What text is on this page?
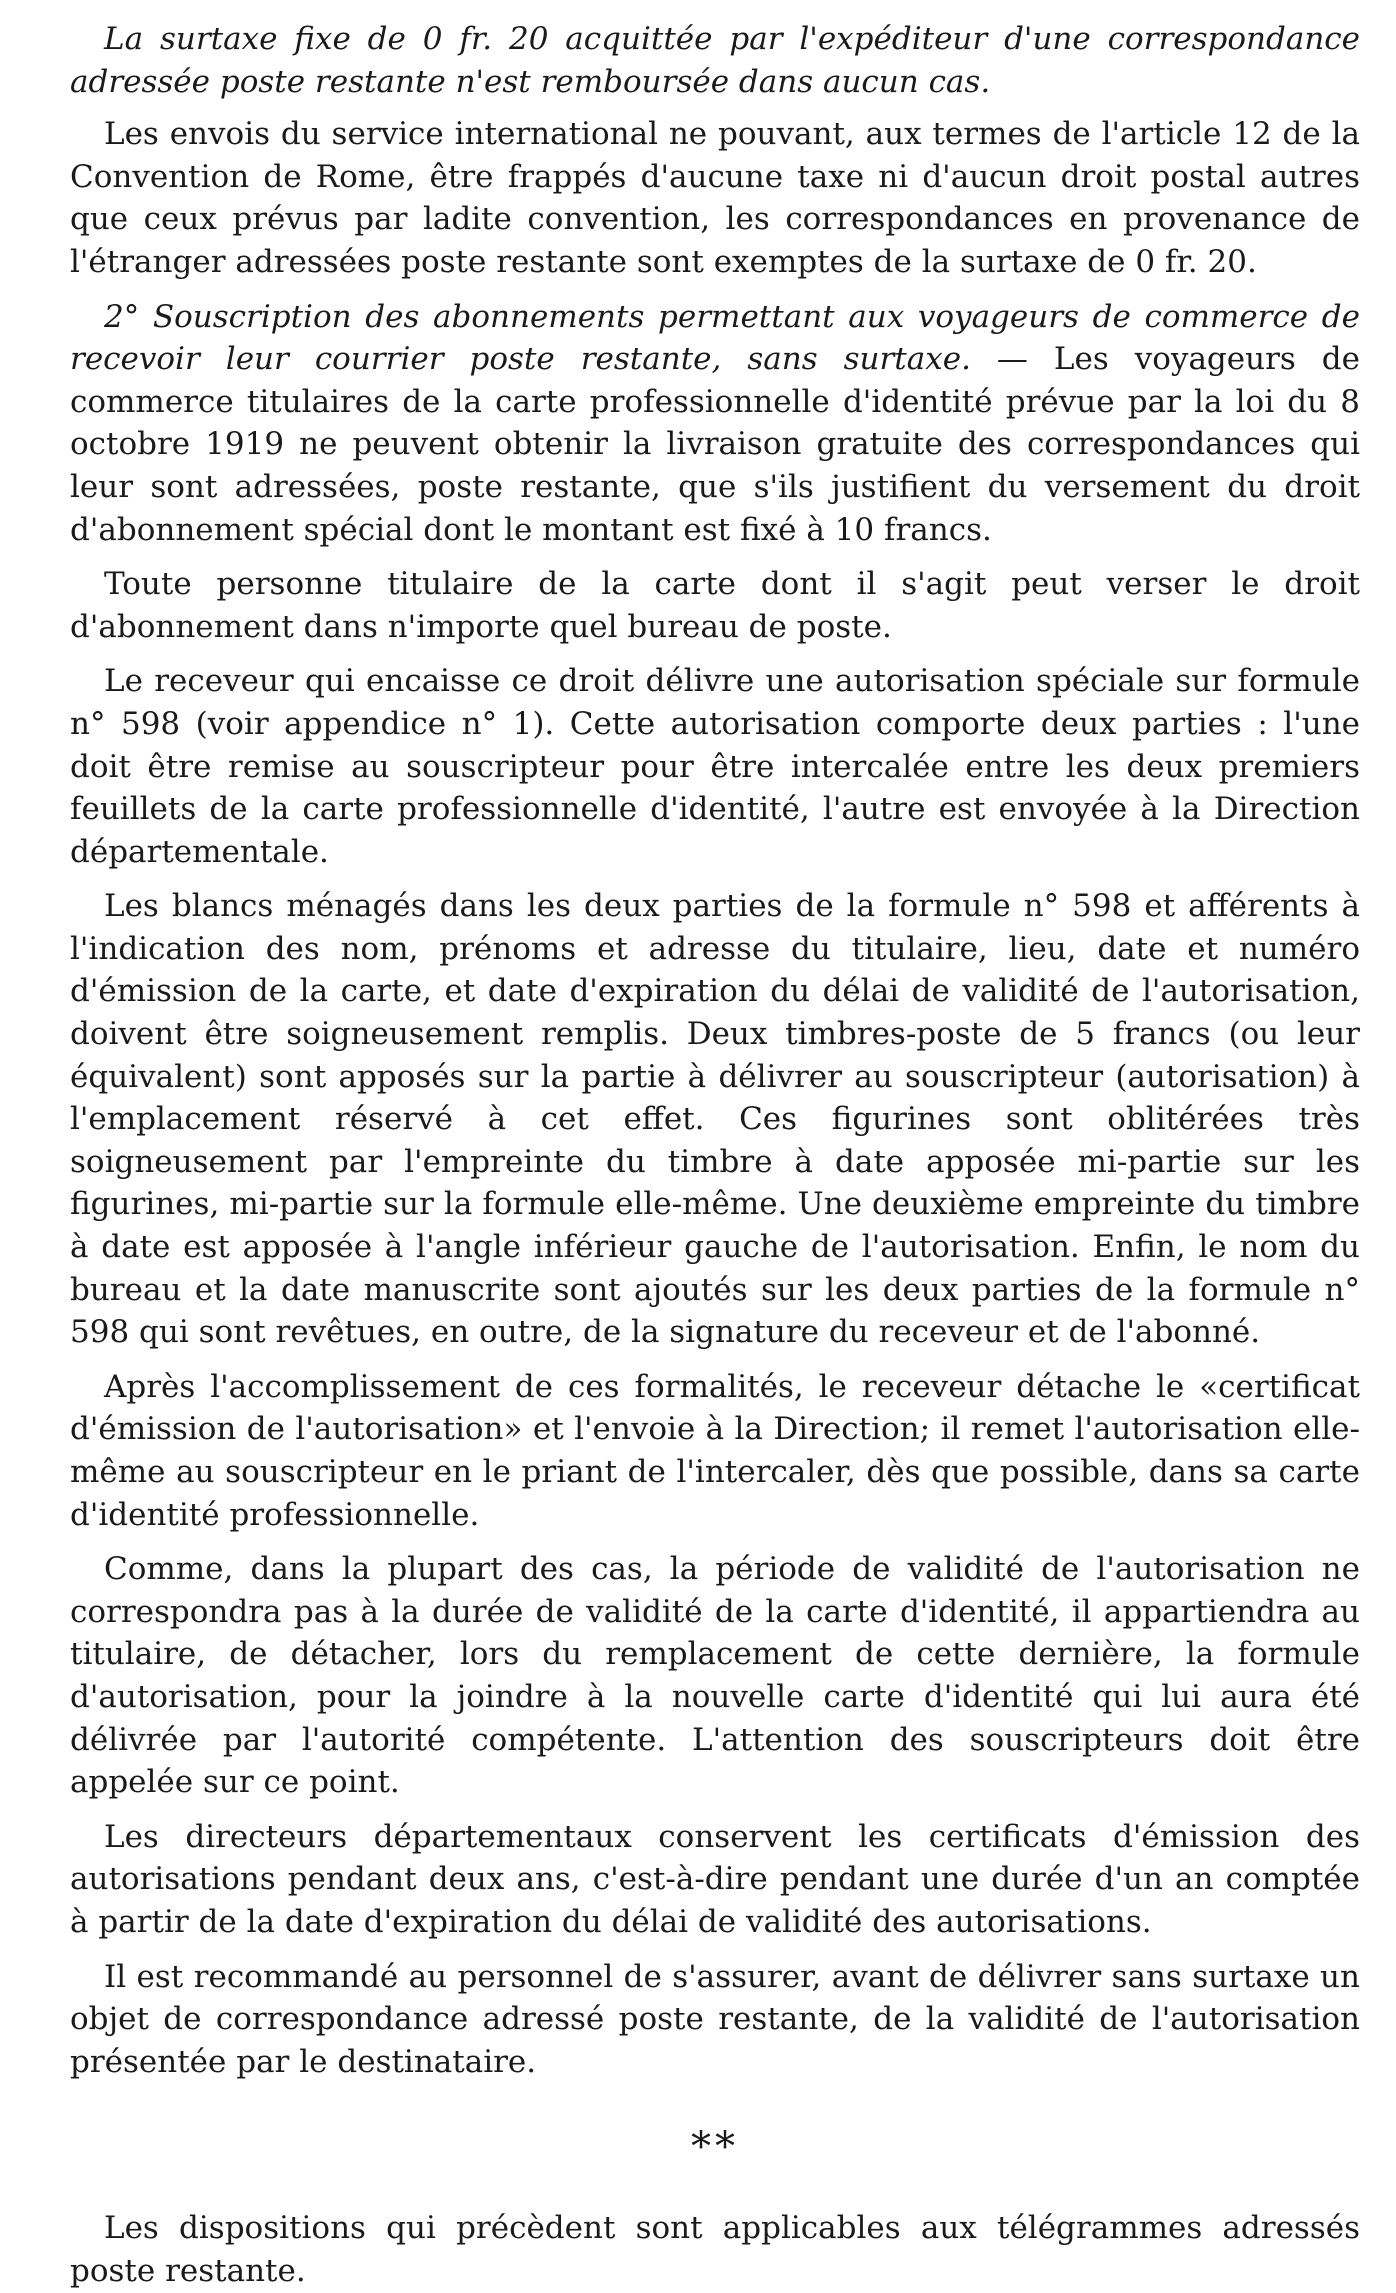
La surtaxe fixe de 0 fr. 20 acquittée par l'expéditeur d'une correspondance adressée poste restante n'est remboursée dans aucun cas.

Les envois du service international ne pouvant, aux termes de l'article 12 de la Convention de Rome, être frappés d'aucune taxe ni d'aucun droit postal autres que ceux prévus par ladite convention, les correspondances en provenance de l'étranger adressées poste restante sont exemptes de la surtaxe de 0 fr. 20.

2° Souscription des abonnements permettant aux voyageurs de commerce de recevoir leur courrier poste restante, sans surtaxe. — Les voyageurs de commerce titulaires de la carte professionnelle d'identité prévue par la loi du 8 octobre 1919 ne peuvent obtenir la livraison gratuite des correspondances qui leur sont adressées, poste restante, que s'ils justifient du versement du droit d'abonnement spécial dont le montant est fixé à 10 francs.

Toute personne titulaire de la carte dont il s'agit peut verser le droit d'abonnement dans n'importe quel bureau de poste.

Le receveur qui encaisse ce droit délivre une autorisation spéciale sur formule n° 598 (voir appendice n° 1). Cette autorisation comporte deux parties : l'une doit être remise au souscripteur pour être intercalée entre les deux premiers feuillets de la carte professionnelle d'identité, l'autre est envoyée à la Direction départementale.

Les blancs ménagés dans les deux parties de la formule n° 598 et afférents à l'indication des nom, prénoms et adresse du titulaire, lieu, date et numéro d'émission de la carte, et date d'expiration du délai de validité de l'autorisation, doivent être soigneusement remplis. Deux timbres-poste de 5 francs (ou leur équivalent) sont apposés sur la partie à délivrer au souscripteur (autorisation) à l'emplacement réservé à cet effet. Ces figurines sont oblitérées très soigneusement par l'empreinte du timbre à date apposée mi-partie sur les figurines, mi-partie sur la formule elle-même. Une deuxième empreinte du timbre à date est apposée à l'angle inférieur gauche de l'autorisation. Enfin, le nom du bureau et la date manuscrite sont ajoutés sur les deux parties de la formule n° 598 qui sont revêtues, en outre, de la signature du receveur et de l'abonné.

Après l'accomplissement de ces formalités, le receveur détache le «certificat d'émission de l'autorisation» et l'envoie à la Direction; il remet l'autorisation elle-même au souscripteur en le priant de l'intercaler, dès que possible, dans sa carte d'identité professionnelle.

Comme, dans la plupart des cas, la période de validité de l'autorisation ne correspondra pas à la durée de validité de la carte d'identité, il appartiendra au titulaire, de détacher, lors du remplacement de cette dernière, la formule d'autorisation, pour la joindre à la nouvelle carte d'identité qui lui aura été délivrée par l'autorité compétente. L'attention des souscripteurs doit être appelée sur ce point.

Les directeurs départementaux conservent les certificats d'émission des autorisations pendant deux ans, c'est-à-dire pendant une durée d'un an comptée à partir de la date d'expiration du délai de validité des autorisations.

Il est recommandé au personnel de s'assurer, avant de délivrer sans surtaxe un objet de correspondance adressé poste restante, de la validité de l'autorisation présentée par le destinataire.

**

Les dispositions qui précèdent sont applicables aux télégrammes adressés poste restante.
